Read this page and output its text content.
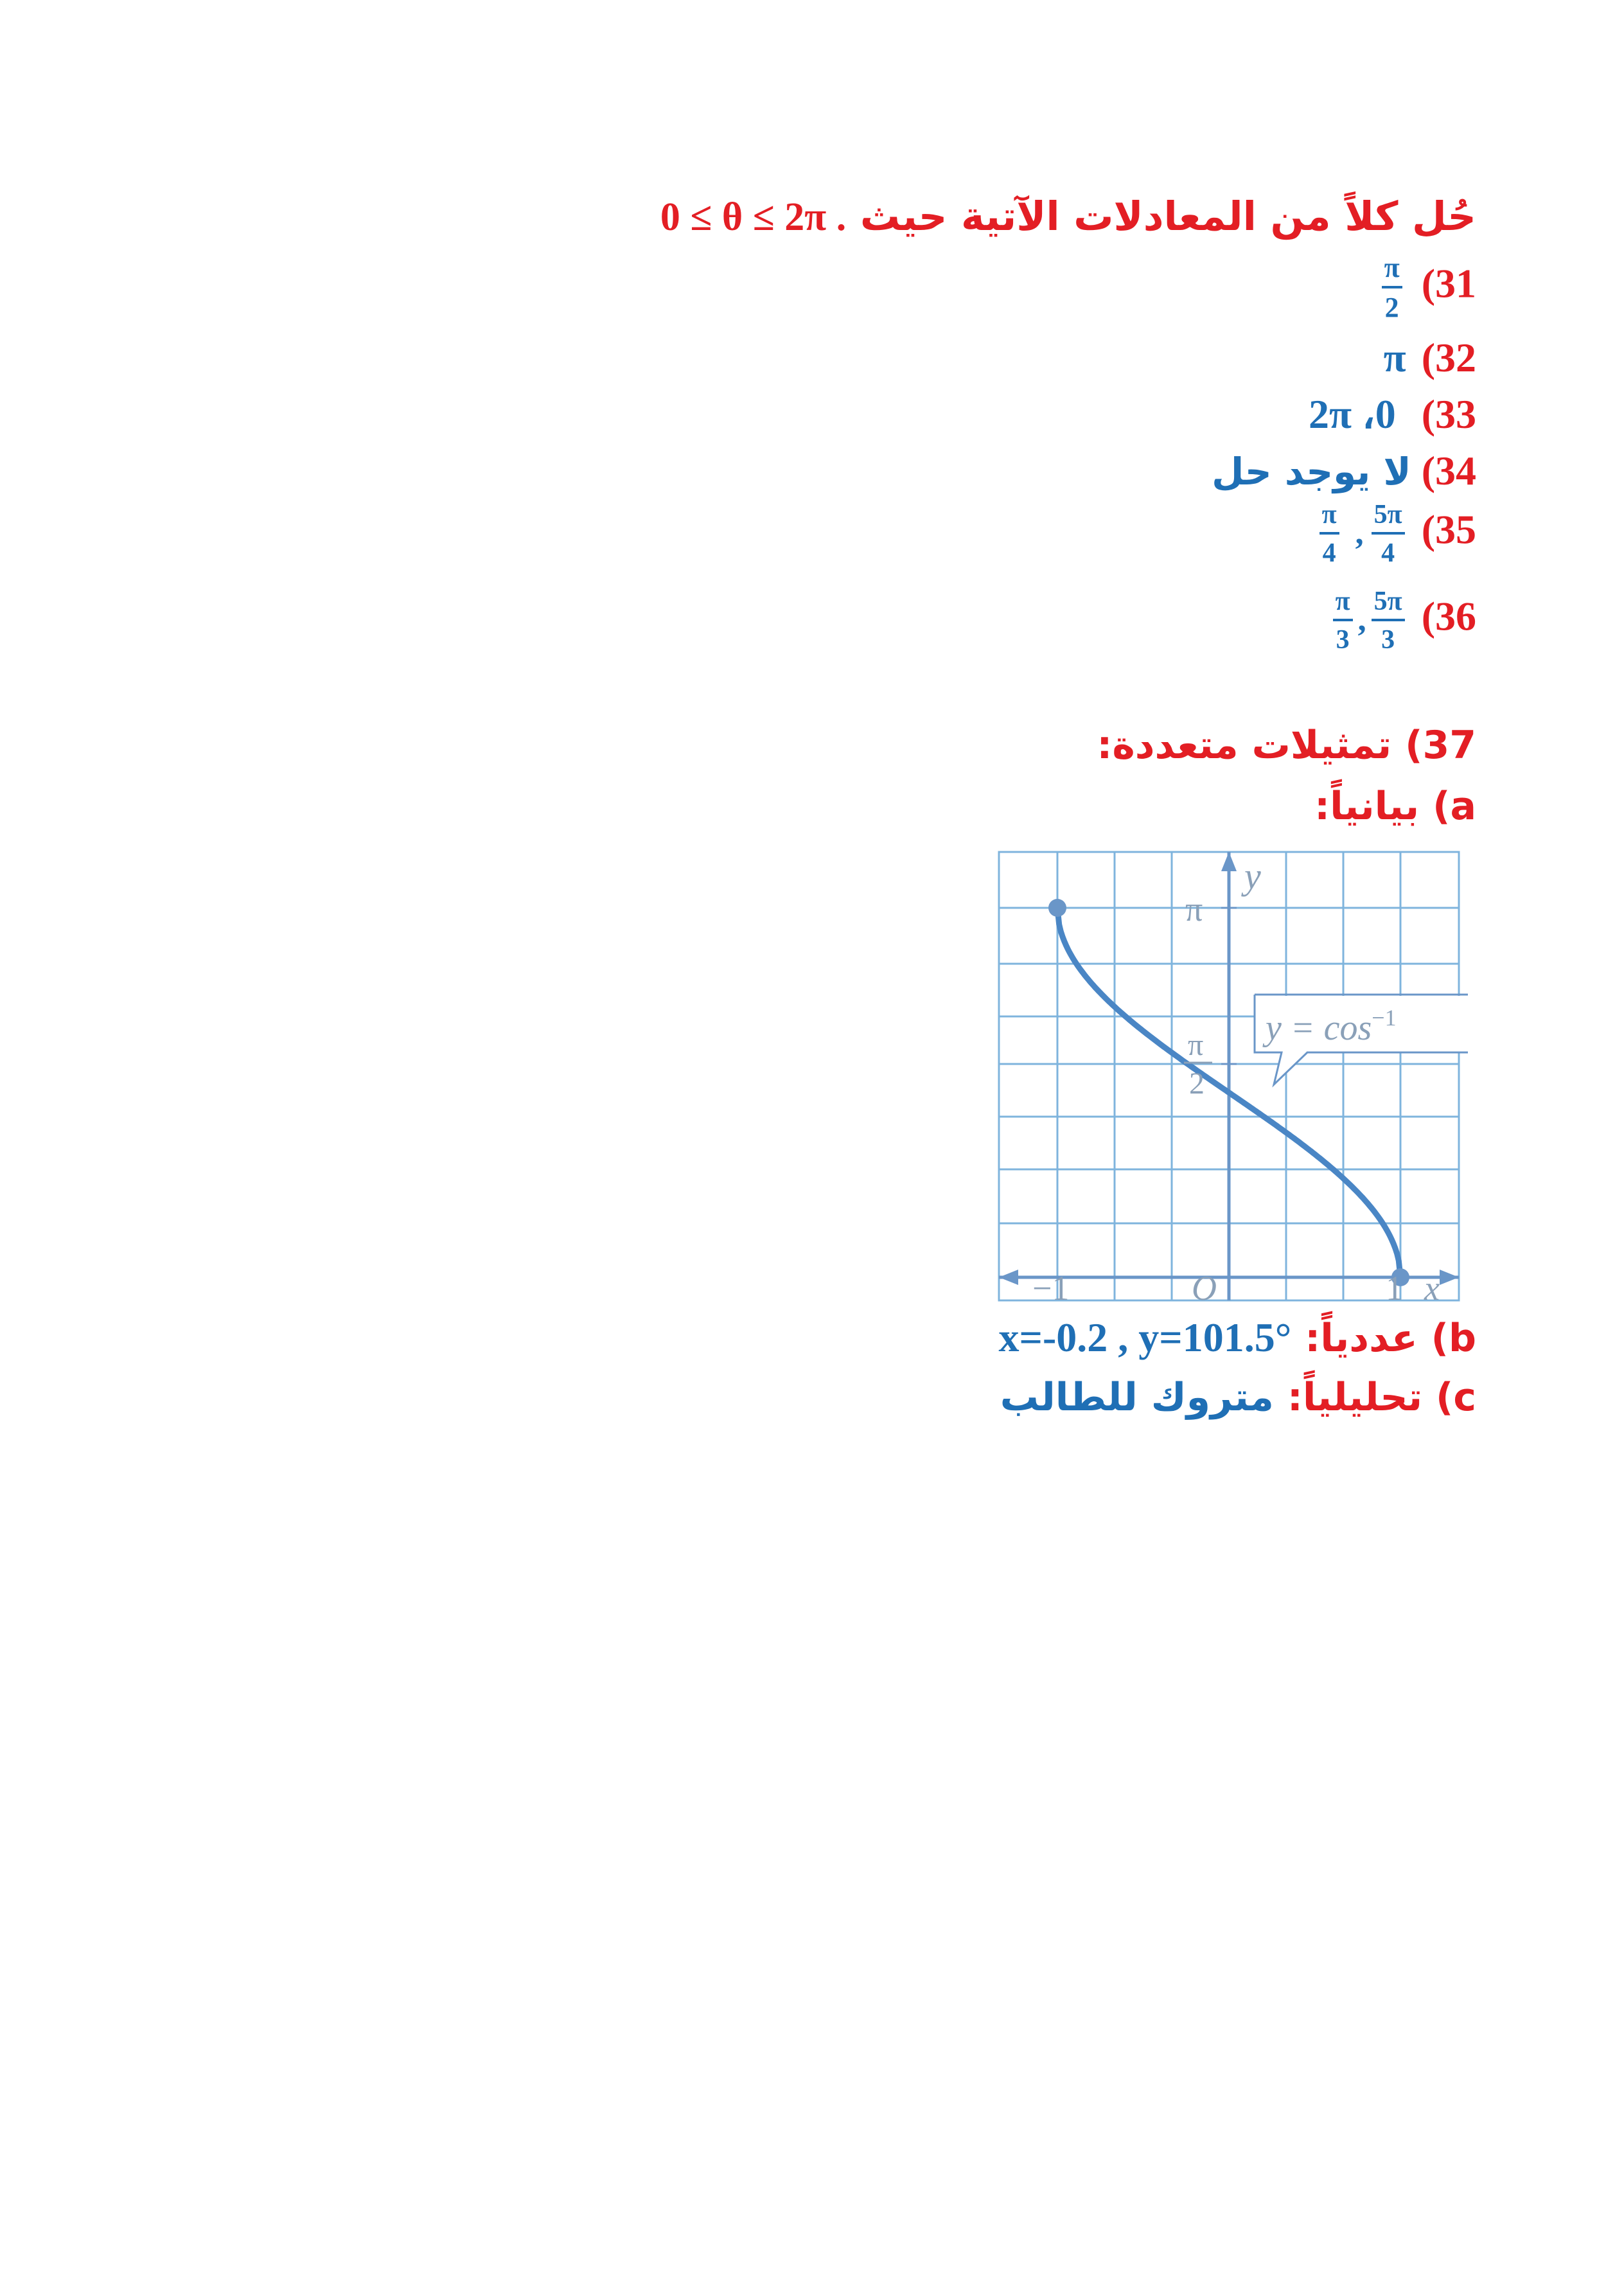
حُل كلاً من المعادلات الآتية حيث 0 ≤ θ ≤ 2π .
$\frac{\pi}{2} (31$
π (32
2π ،0 (33
(34 لا يوجد حل
$\frac{\pi}{4}$ , $\frac{5\pi}{4} (35$
$\frac{\pi}{3}$ , $\frac{5\pi}{3} (36$
37) تمثيلات متعددة:
a) بيانياً:
$y = \cos^{-1}$
y
π
π
2
−1	O	1 x
b) عددياً: x=-0.2 , y=101.5°
c) تحليلياً: متروك للطالب
